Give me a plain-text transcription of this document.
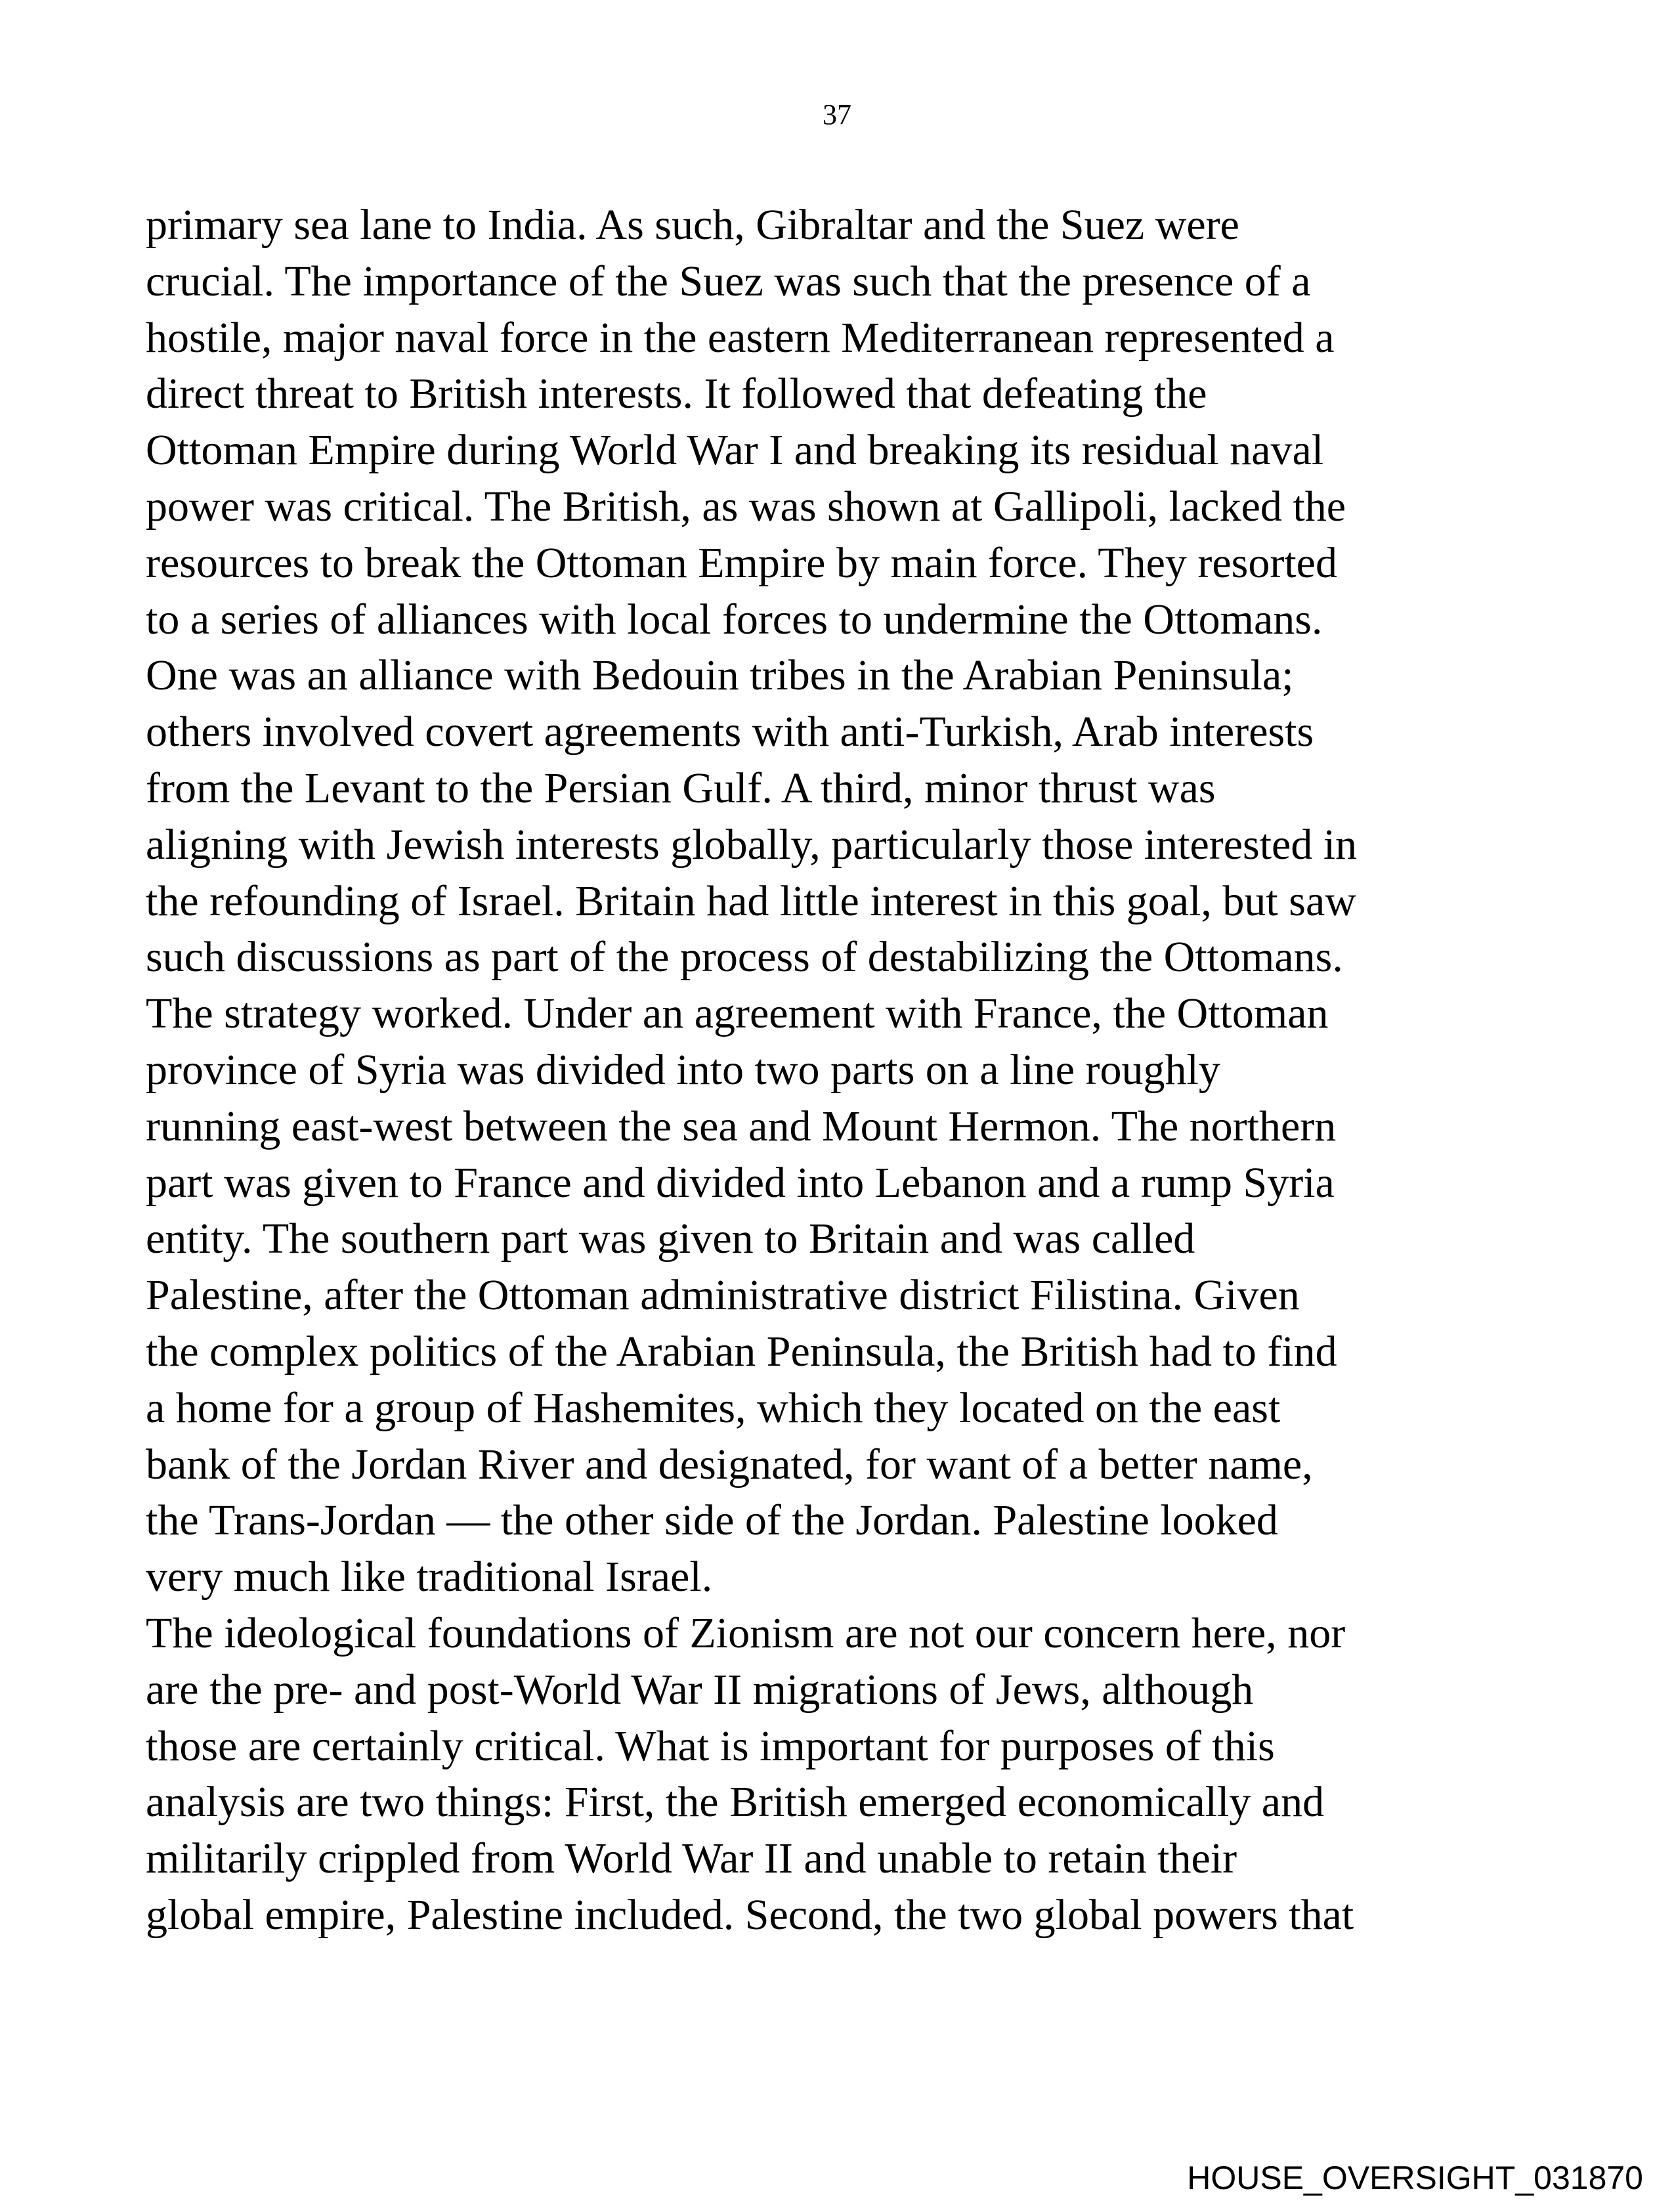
37
primary sea lane to India. As such, Gibraltar and the Suez were
crucial. The importance of the Suez was such that the presence of a
hostile, major naval force in the eastern Mediterranean represented a
direct threat to British interests. It followed that defeating the
Ottoman Empire during World War I and breaking its residual naval
power was critical. The British, as was shown at Gallipoli, lacked the
resources to break the Ottoman Empire by main force. They resorted
to a series of alliances with local forces to undermine the Ottomans.
One was an alliance with Bedouin tribes in the Arabian Peninsula;
others involved covert agreements with anti-Turkish, Arab interests
from the Levant to the Persian Gulf. A third, minor thrust was
aligning with Jewish interests globally, particularly those interested in
the refounding of Israel. Britain had little interest in this goal, but saw
such discussions as part of the process of destabilizing the Ottomans.
The strategy worked. Under an agreement with France, the Ottoman
province of Syria was divided into two parts on a line roughly
running east-west between the sea and Mount Hermon. The northern
part was given to France and divided into Lebanon and a rump Syria
entity. The southern part was given to Britain and was called
Palestine, after the Ottoman administrative district Filistina. Given
the complex politics of the Arabian Peninsula, the British had to find
a home for a group of Hashemites, which they located on the east
bank of the Jordan River and designated, for want of a better name,
the Trans-Jordan — the other side of the Jordan. Palestine looked
very much like traditional Israel.
The ideological foundations of Zionism are not our concern here, nor
are the pre- and post-World War II migrations of Jews, although
those are certainly critical. What is important for purposes of this
analysis are two things: First, the British emerged economically and
militarily crippled from World War II and unable to retain their
global empire, Palestine included. Second, the two global powers that
HOUSE_OVERSIGHT_031870
